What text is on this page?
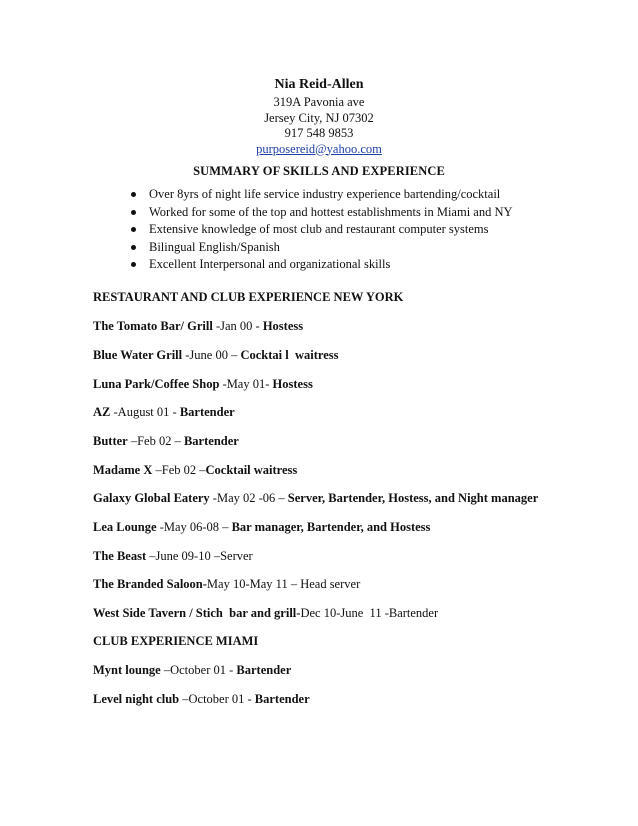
Nia Reid-Allen
319A Pavonia ave
Jersey City, NJ 07302
917 548 9853
purposereid@yahoo.com
SUMMARY OF SKILLS AND EXPERIENCE
Over 8yrs of night life service industry experience bartending/cocktail
Worked for some of the top and hottest establishments in Miami and NY
Extensive knowledge of most club and restaurant computer systems
Bilingual English/Spanish
Excellent Interpersonal and organizational skills
RESTAURANT AND CLUB EXPERIENCE NEW YORK
The Tomato Bar/ Grill -Jan 00 - Hostess
Blue Water Grill -June 00 – Cocktai l  waitress
Luna Park/Coffee Shop -May 01- Hostess
AZ -August 01 - Bartender
Butter –Feb 02 – Bartender
Madame X –Feb 02 –Cocktail waitress
Galaxy Global Eatery -May 02 -06 – Server, Bartender, Hostess, and Night manager
Lea Lounge -May 06-08 – Bar manager, Bartender, and Hostess
The Beast –June 09-10 –Server
The Branded Saloon-May 10-May 11 – Head server
West Side Tavern / Stich  bar and grill-Dec 10-June  11 -Bartender
CLUB EXPERIENCE MIAMI
Mynt lounge –October 01 - Bartender
Level night club –October 01 - Bartender
